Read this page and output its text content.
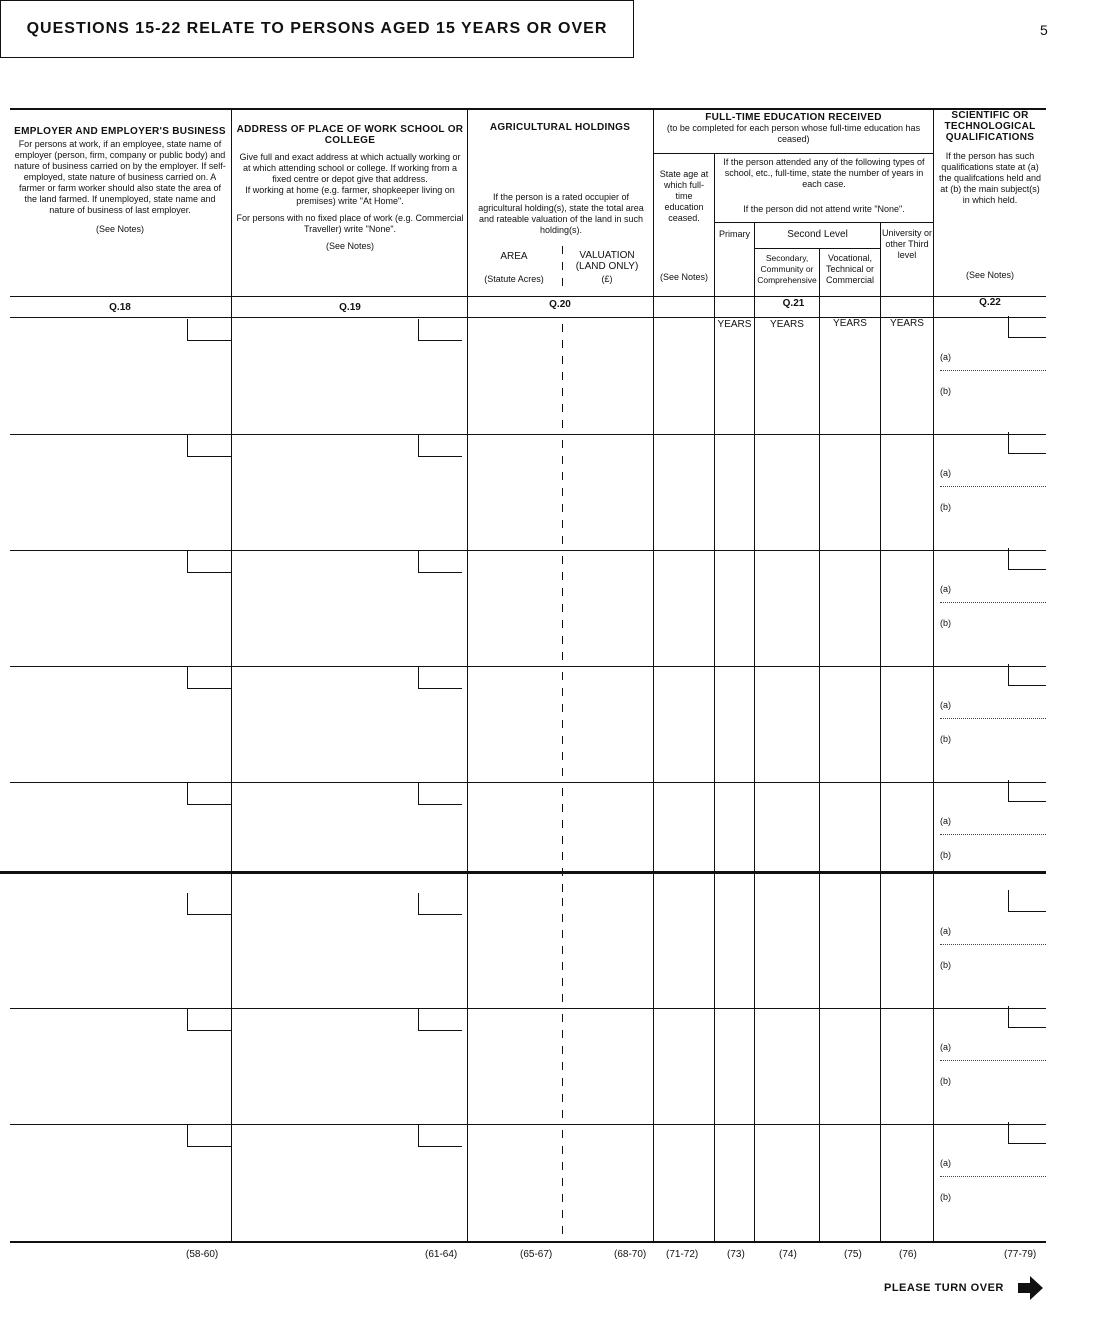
5
QUESTIONS 15-22 RELATE TO PERSONS AGED 15 YEARS OR OVER
EMPLOYER AND EMPLOYER'S BUSINESS
For persons at work, if an employee, state name of employer (person, firm, company or public body) and nature of business carried on by the employer. If self-employed, state nature of business carried on. A farmer or farm worker should also state the area of the land farmed. If unemployed, state name and nature of business of last employer.
(See Notes)
ADDRESS OF PLACE OF WORK SCHOOL OR COLLEGE
Give full and exact address at which actually working or at which attending school or college. If working from a fixed centre or depot give that address.
If working at home (e.g. farmer, shopkeeper living on premises) write "At Home".
For persons with no fixed place of work (e.g. Commercial Traveller) write "None".
(See Notes)
AGRICULTURAL HOLDINGS
If the person is a rated occupier of agricultural holding(s), state the total area and rateable valuation of the land in such holding(s).
AREA
(Statute Acres)
VALUATION (LAND ONLY)
(£)
FULL-TIME EDUCATION RECEIVED
(to be completed for each person whose full-time education has ceased)
State age at which full-time education ceased.
(See Notes)
If the person attended any of the following types of school, etc., full-time, state the number of years in each case.
If the person did not attend write "None".
Primary	Second Level
Secondary, Community or Comprehensive
Vocational, Technical or Commercial
University or other Third level
SCIENTIFIC OR TECHNOLOGICAL QUALIFICATIONS
If the person has such qualifications state at (a) the qualifcations held and at (b) the main subject(s) in which held.
(See Notes)
Q.18	Q.19	Q.20	Q.21	Q.22
YEARS	YEARS	YEARS	YEARS
(a)
(b)
(a)
(b)
(a)
(b)
(a)
(b)
(a)
(b)
(a)
(b)
(a)
(b)
(a)
(b)
(58-60)	(61-64)	(65-67)	(68-70) (71-72)	(73)	(74)	(75)	(76)	(77-79)
PLEASE TURN OVER
